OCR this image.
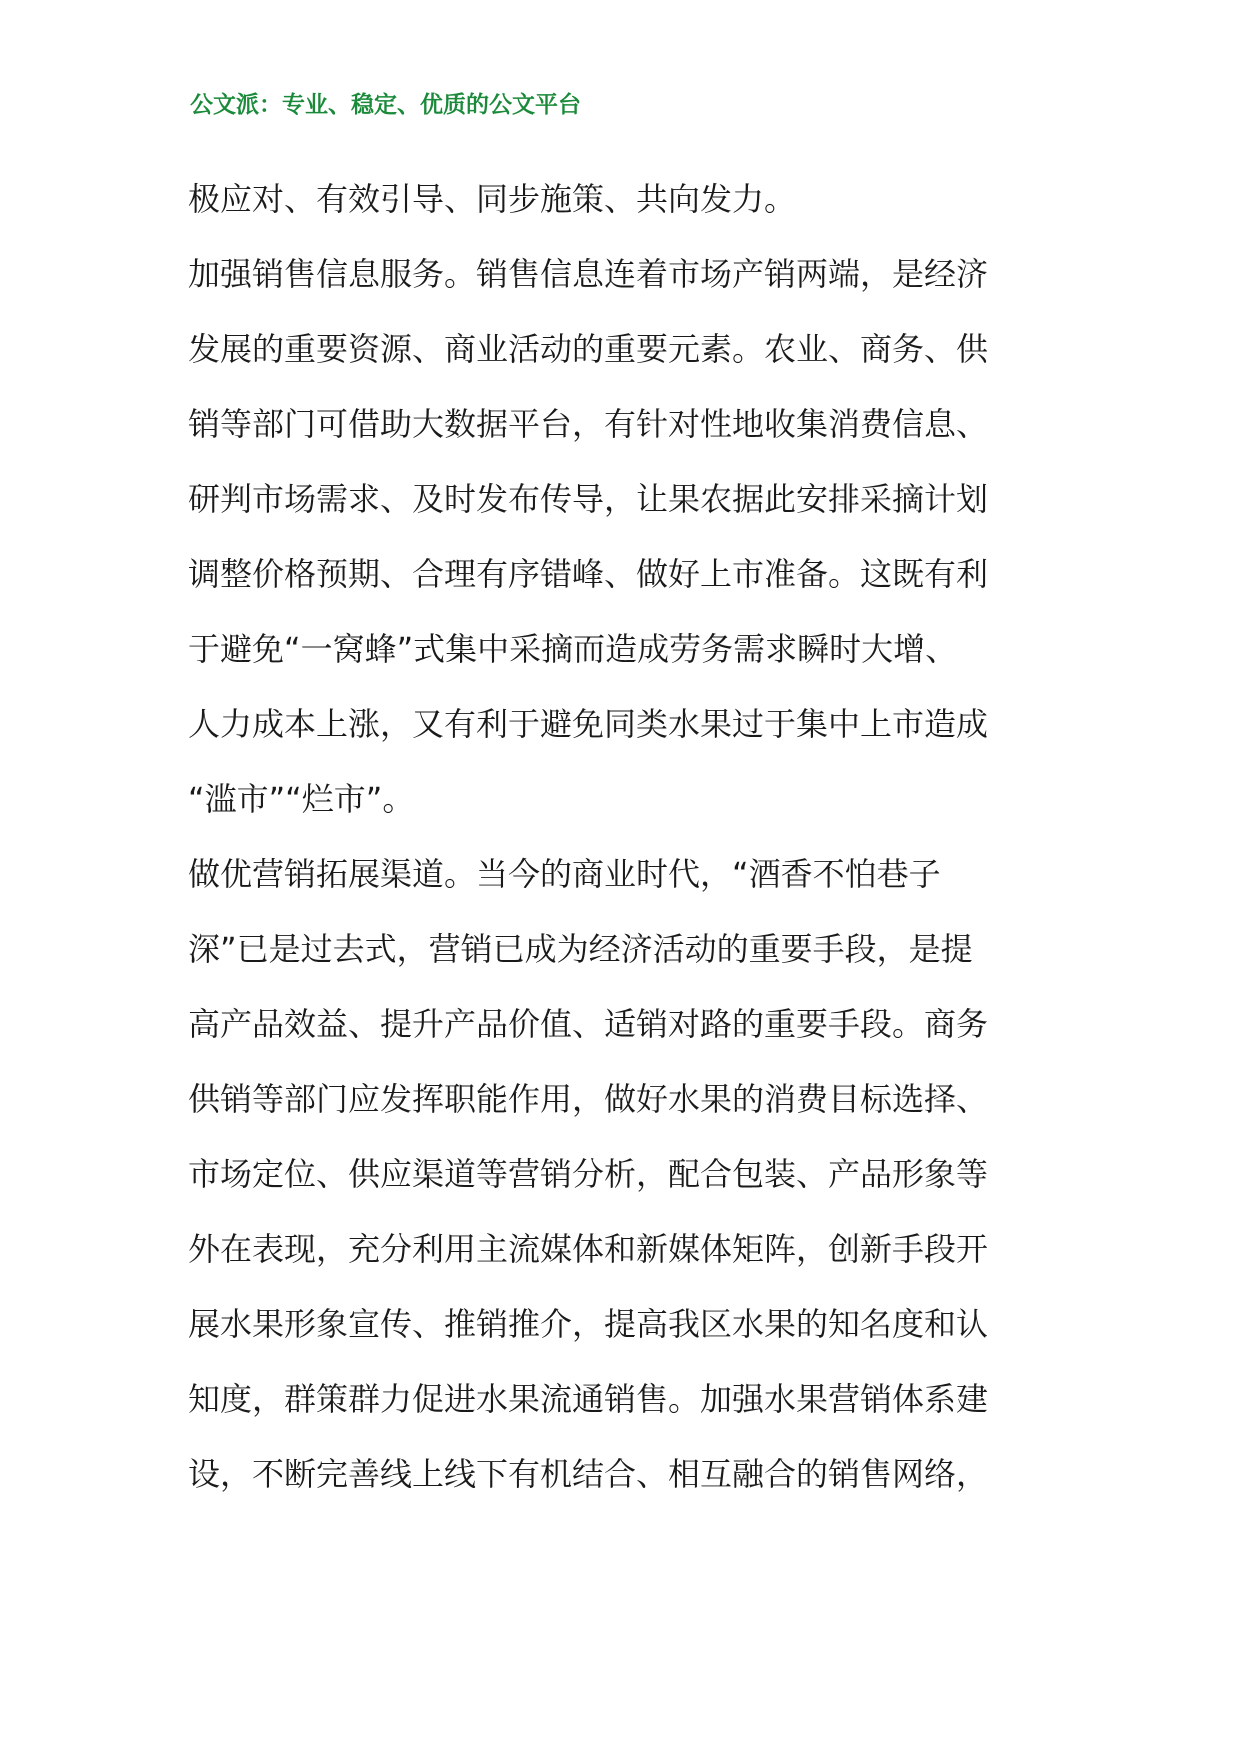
公文派：专业、稳定、优质的公文平台
极应对、有效引导、同步施策、共向发力。
加强销售信息服务。销售信息连着市场产销两端，是经济
发展的重要资源、商业活动的重要元素。农业、商务、供
销等部门可借助大数据平台，有针对性地收集消费信息、
研判市场需求、及时发布传导，让果农据此安排采摘计划
调整价格预期、合理有序错峰、做好上市准备。这既有利
于避免“一窝蜂”式集中采摘而造成劳务需求瞬时大增、
人力成本上涨，又有利于避免同类水果过于集中上市造成
“滥市”“烂市”。
做优营销拓展渠道。当今的商业时代，“酒香不怕巷子
深”已是过去式，营销已成为经济活动的重要手段，是提
高产品效益、提升产品价值、适销对路的重要手段。商务
供销等部门应发挥职能作用，做好水果的消费目标选择、
市场定位、供应渠道等营销分析，配合包装、产品形象等
外在表现，充分利用主流媒体和新媒体矩阵，创新手段开
展水果形象宣传、推销推介，提高我区水果的知名度和认
知度，群策群力促进水果流通销售。加强水果营销体系建
设，不断完善线上线下有机结合、相互融合的销售网络，
